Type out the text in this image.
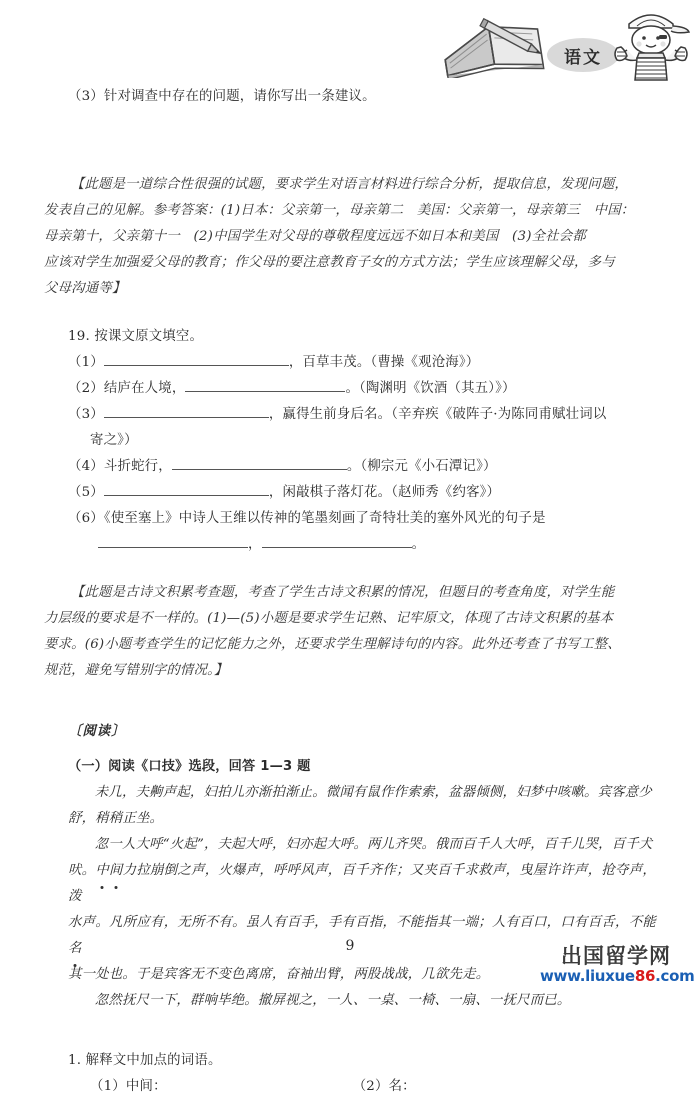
语文

（3）针对调查中存在的问题，请你写出一条建议。

【此题是一道综合性很强的试题，要求学生对语言材料进行综合分析，提取信息，发现问题，

发表自己的见解。参考答案：(1)日本：父亲第一，母亲第二　美国：父亲第一，母亲第三　中国：

母亲第十，父亲第十一　(2)中国学生对父母的尊敬程度远远不如日本和美国　(3)全社会都

应该对学生加强爱父母的教育；作父母的要注意教育子女的方式方法；学生应该理解父母，多与

父母沟通等】

19. 按课文原文填空。

（1）	，百草丰茂。（曹操《观沧海》）

（2）结庐在人境，	。（陶渊明《饮酒（其五）》）

（3）	，赢得生前身后名。（辛弃疾《破阵子·为陈同甫赋壮词以

寄之》）

（4）斗折蛇行，	。（柳宗元《小石潭记》）

（5）	，闲敲棋子落灯花。（赵师秀《约客》）

（6）《使至塞上》中诗人王维以传神的笔墨刻画了奇特壮美的塞外风光的句子是

，	。

【此题是古诗文积累考查题，考查了学生古诗文积累的情况，但题目的考查角度，对学生能

力层级的要求是不一样的。(1)—(5)小题是要求学生记熟、记牢原文，体现了古诗文积累的基本

要求。(6)小题考查学生的记忆能力之外，还要求学生理解诗句的内容。此外还考查了书写工整、

规范，避免写错别字的情况。】

〔阅读〕

（一）阅读《口技》选段，回答 1—3 题

未几，夫齁声起，妇拍儿亦渐拍渐止。微闻有鼠作作索索，盆器倾侧，妇梦中咳嗽。宾客意少

舒，稍稍正坐。

忽一人大呼“火起”，夫起大呼，妇亦起大呼。两儿齐哭。俄而百千人大呼，百千儿哭，百千犬

吠。中间力拉崩倒之声，火爆声，呼呼风声，百千齐作；又夹百千求救声，曳屋许许声，抢夺声，泼

水声。凡所应有，无所不有。虽人有百手，手有百指，不能指其一端；人有百口，口有百舌，不能名

其一处也。于是宾客无不变色离席，奋袖出臂，两股战战，几欲先走。

忽然抚尺一下，群响毕绝。撤屏视之，一人、一桌、一椅、一扇、一抚尺而已。

1. 解释文中加点的词语。

（1）中间：	（2）名：

9	出国留学网
www.liuxue86.com
